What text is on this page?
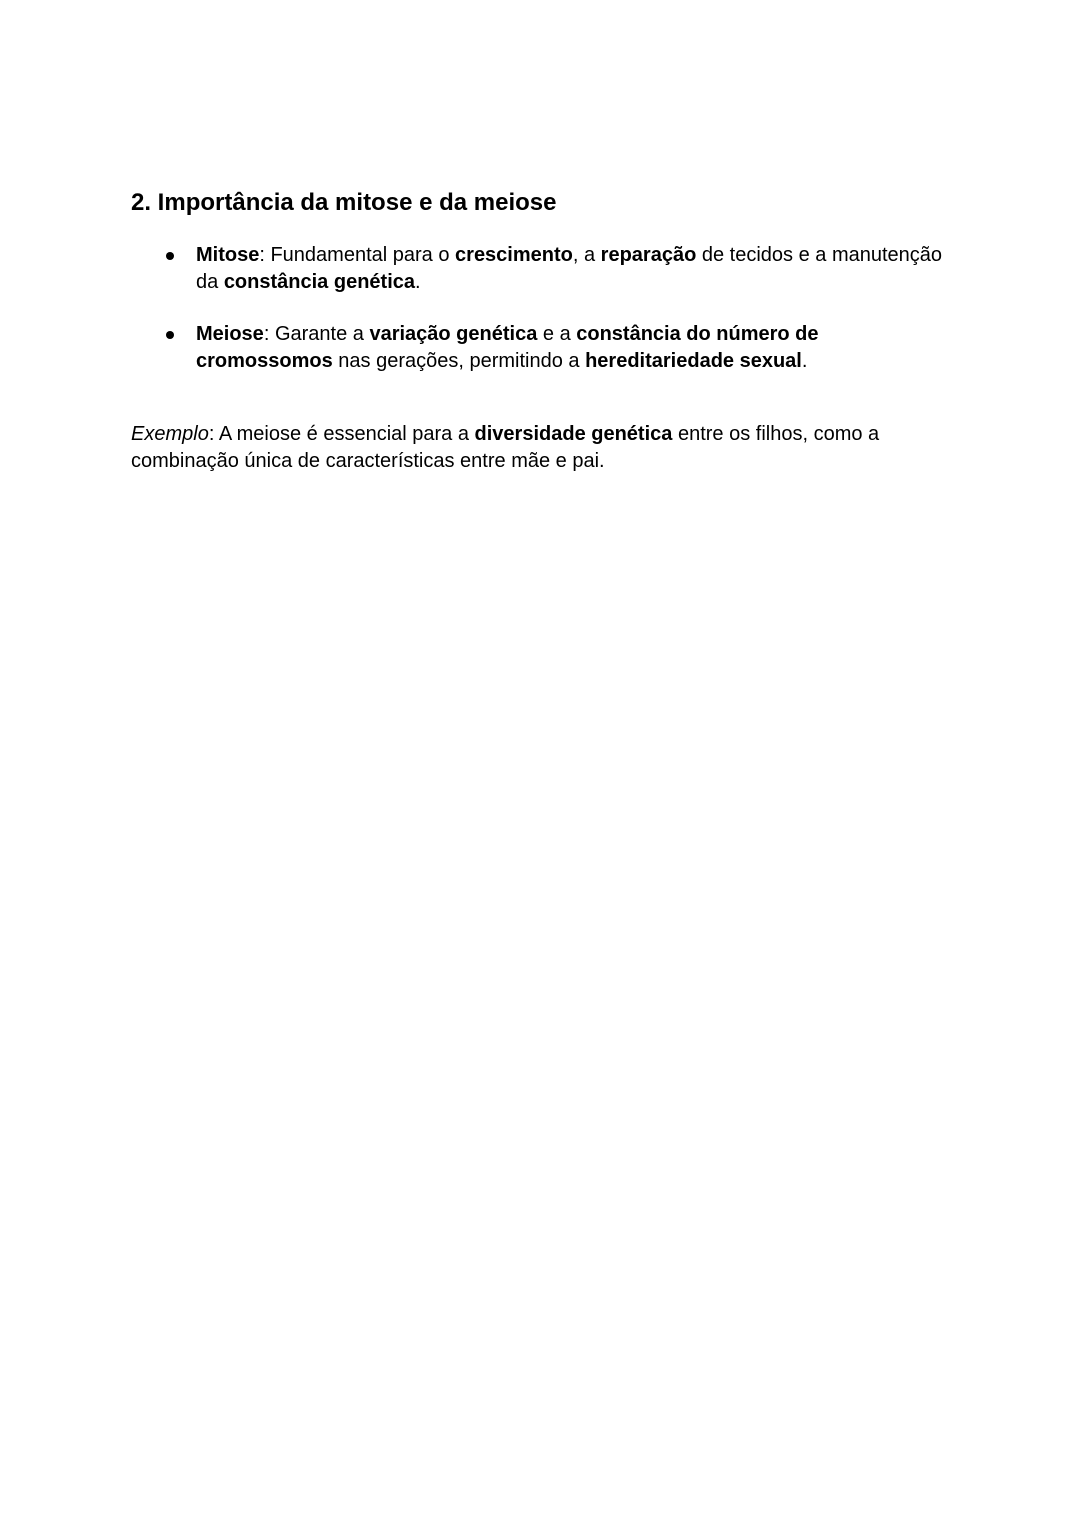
2. Importância da mitose e da meiose
Mitose: Fundamental para o crescimento, a reparação de tecidos e a manutenção da constância genética.
Meiose: Garante a variação genética e a constância do número de cromossomos nas gerações, permitindo a hereditariedade sexual.

Exemplo: A meiose é essencial para a diversidade genética entre os filhos, como a combinação única de características entre mãe e pai.
